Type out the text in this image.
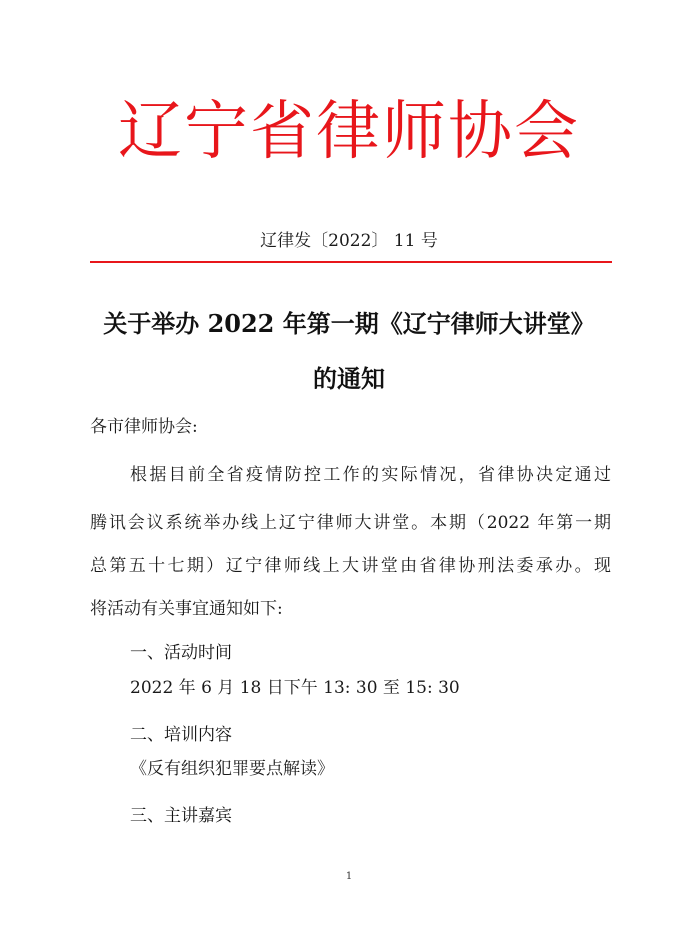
辽宁省律师协会
辽律发〔2022〕 11 号
关于举办 2022 年第一期《辽宁律师大讲堂》
的通知
各市律师协会:
根据目前全省疫情防控工作的实际情况，省律协决定通过
腾讯会议系统举办线上辽宁律师大讲堂。本期（2022 年第一期
总第五十七期）辽宁律师线上大讲堂由省律协刑法委承办。现
将活动有关事宜通知如下:
一、活动时间
2022 年 6 月 18 日下午 13: 30 至 15: 30
二、培训内容
《反有组织犯罪要点解读》
三、主讲嘉宾
1
